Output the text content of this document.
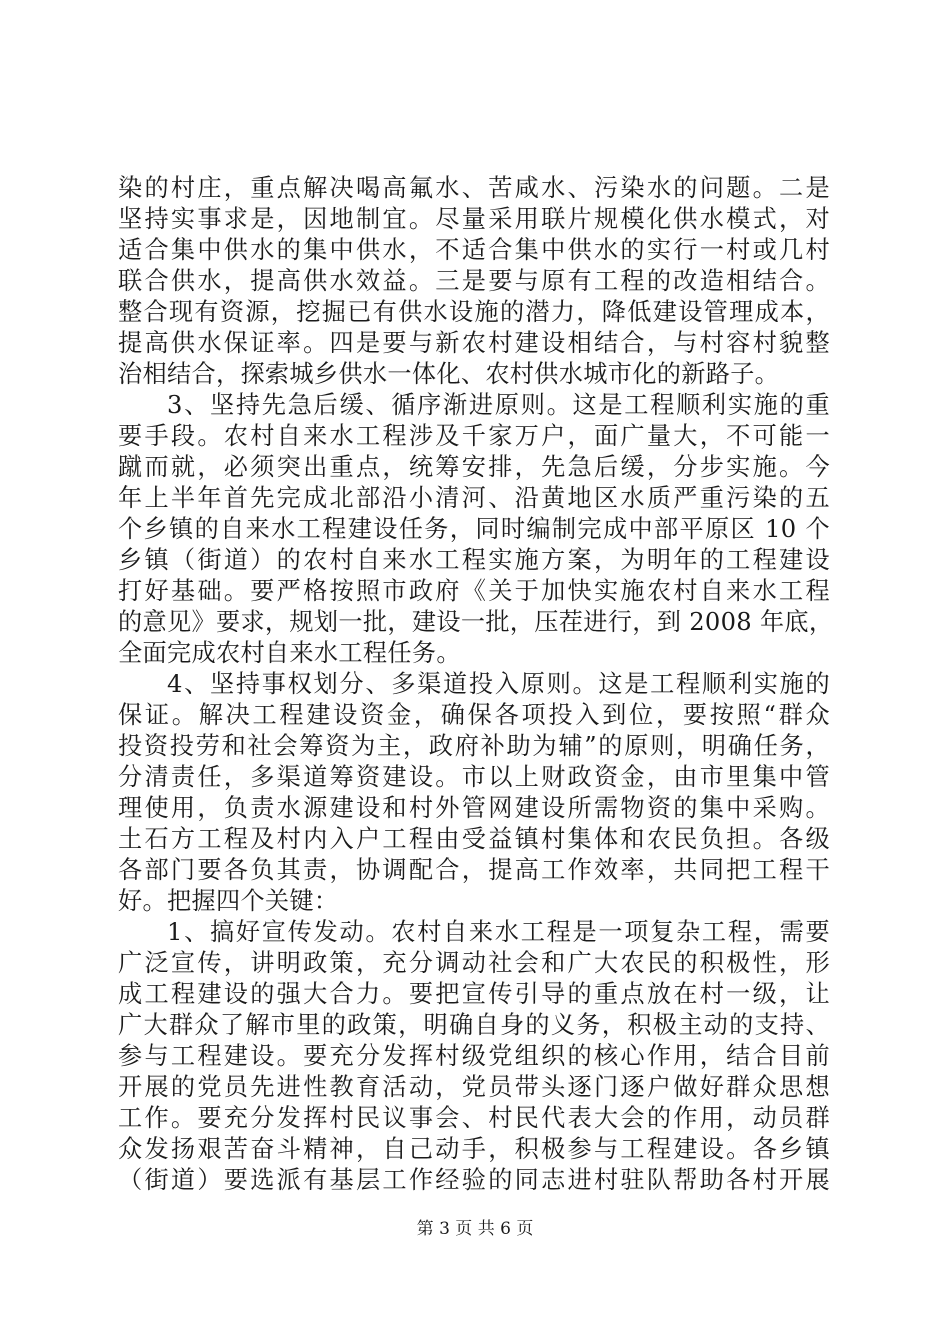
染的村庄，重点解决喝高氟水、苦咸水、污染水的问题。二是
坚持实事求是，因地制宜。尽量采用联片规模化供水模式，对
适合集中供水的集中供水，不适合集中供水的实行一村或几村
联合供水，提高供水效益。三是要与原有工程的改造相结合。
整合现有资源，挖掘已有供水设施的潜力，降低建设管理成本，
提高供水保证率。四是要与新农村建设相结合，与村容村貌整
治相结合，探索城乡供水一体化、农村供水城市化的新路子。
3、坚持先急后缓、循序渐进原则。这是工程顺利实施的重
要手段。农村自来水工程涉及千家万户，面广量大，不可能一
蹴而就，必须突出重点，统筹安排，先急后缓，分步实施。今
年上半年首先完成北部沿小清河、沿黄地区水质严重污染的五
个乡镇的自来水工程建设任务，同时编制完成中部平原区 10 个
乡镇（街道）的农村自来水工程实施方案，为明年的工程建设
打好基础。要严格按照市政府《关于加快实施农村自来水工程
的意见》要求，规划一批，建设一批，压茬进行，到 2008 年底，
全面完成农村自来水工程任务。
4、坚持事权划分、多渠道投入原则。这是工程顺利实施的
保证。解决工程建设资金，确保各项投入到位，要按照“群众
投资投劳和社会筹资为主，政府补助为辅”的原则，明确任务，
分清责任，多渠道筹资建设。市以上财政资金，由市里集中管
理使用，负责水源建设和村外管网建设所需物资的集中采购。
土石方工程及村内入户工程由受益镇村集体和农民负担。各级
各部门要各负其责，协调配合，提高工作效率，共同把工程干
好。把握四个关键：
1、搞好宣传发动。农村自来水工程是一项复杂工程，需要
广泛宣传，讲明政策，充分调动社会和广大农民的积极性，形
成工程建设的强大合力。要把宣传引导的重点放在村一级，让
广大群众了解市里的政策，明确自身的义务，积极主动的支持、
参与工程建设。要充分发挥村级党组织的核心作用，结合目前
开展的党员先进性教育活动，党员带头逐门逐户做好群众思想
工作。要充分发挥村民议事会、村民代表大会的作用，动员群
众发扬艰苦奋斗精神，自己动手，积极参与工程建设。各乡镇
（街道）要选派有基层工作经验的同志进村驻队帮助各村开展
第 3 页 共 6 页
